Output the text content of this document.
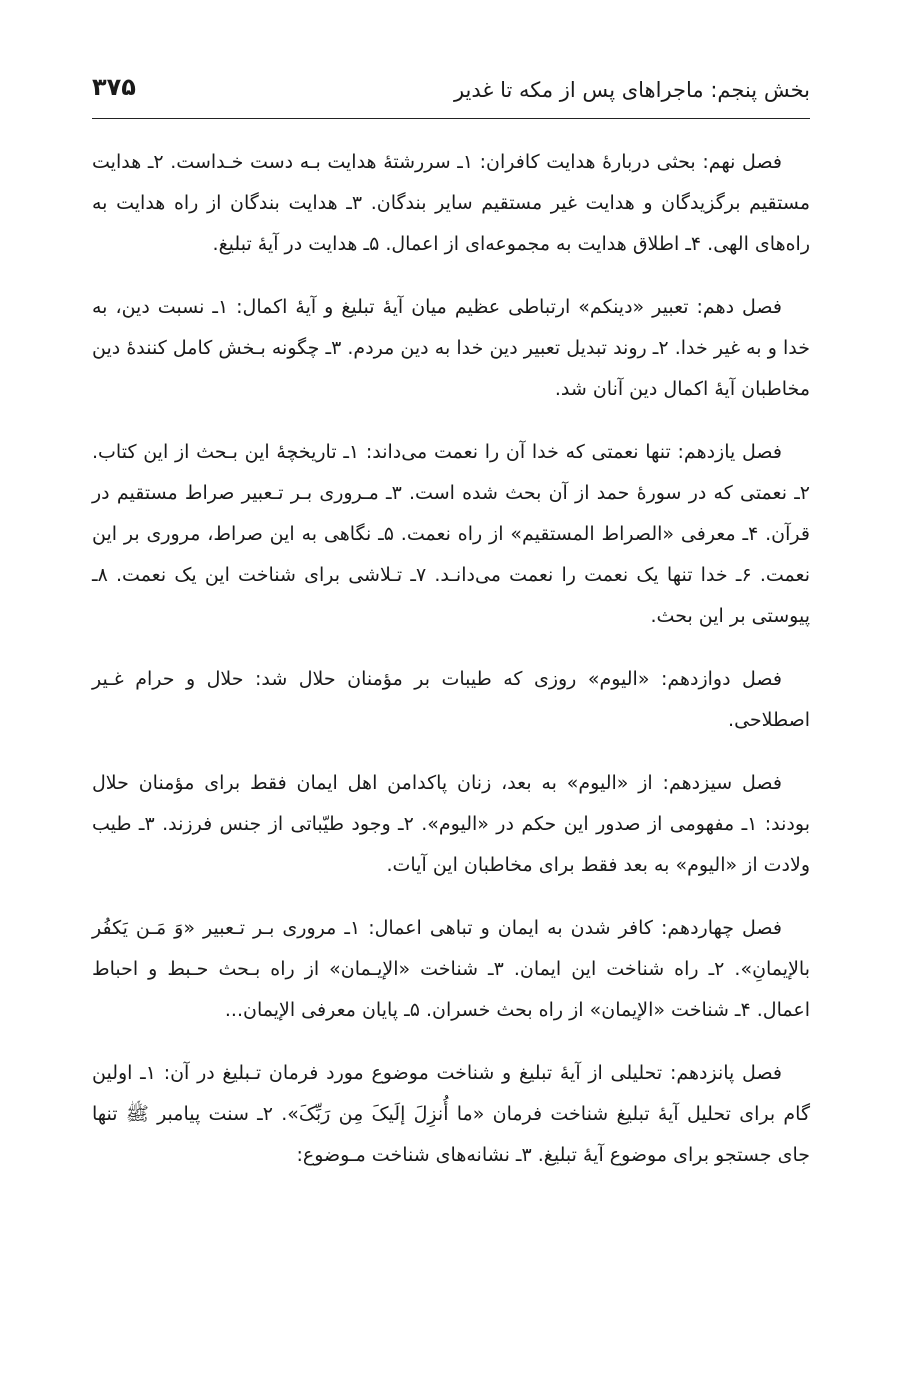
بخش پنجم: ماجراهای پس از مکه تا غدیر
۳۷۵

فصل نهم: بحثی دربارۀ هدایت کافران: ۱ـ سررشتۀ هدایت بـه دست خـداست. ۲ـ هدایت مستقیم برگزیدگان و هدایت غیر مستقیم سایر بندگان. ۳ـ هدایت بندگان از راه هدایت به راه‌های الهی. ۴ـ اطلاق هدایت به مجموعه‌ای از اعمال. ۵ـ هدایت در آیۀ تبلیغ.

فصل دهم: تعبیر «دینکم» ارتباطی عظیم میان آیۀ تبلیغ و آیۀ اکمال: ۱ـ نسبت دین، به خدا و به غیر خدا. ۲ـ روند تبدیل تعبیر دین خدا به دین مردم. ۳ـ چگونه بـخش کامل کنندۀ دین مخاطبان آیۀ اکمال دین آنان شد.

فصل یازدهم: تنها نعمتی که خدا آن را نعمت می‌داند: ۱ـ تاریخچۀ این بـحث از این کتاب. ۲ـ نعمتی که در سورۀ حمد از آن بحث شده است. ۳ـ مـروری بـر تـعبیر صراط مستقیم در قرآن. ۴ـ معرفی «الصراط المستقیم» از راه نعمت. ۵ـ نگاهی به این صراط، مروری بر این نعمت. ۶ـ خدا تنها یک نعمت را نعمت می‌دانـد. ۷ـ تـلاشی برای شناخت این یک نعمت. ۸ـ پیوستی بر این بحث.

فصل دوازدهم: «الیوم» روزی که طیبات بر مؤمنان حلال شد: حلال و حرام غـیر اصطلاحی.

فصل سیزدهم: از «الیوم» به بعد، زنان پاکدامن اهل ایمان فقط برای مؤمنان حلال بودند: ۱ـ مفهومی از صدور این حکم در «الیوم». ۲ـ وجود طیّباتی از جنس فرزند. ۳ـ طیب ولادت از «الیوم» به بعد فقط برای مخاطبان این آیات.

فصل چهاردهم: کافر شدن به ایمان و تباهی اعمال: ۱ـ مروری بـر تـعبیر «وَ مَـن یَکفُر بالإیمانِ». ۲ـ راه شناخت این ایمان. ۳ـ شناخت «الإیـمان» از راه بـحث حـبط و احباط اعمال. ۴ـ شناخت «الإیمان» از راه بحث خسران. ۵ـ پایان معرفی الإیمان...

فصل پانزدهم: تحلیلی از آیۀ تبلیغ و شناخت موضوع مورد فرمان تـبلیغ در آن: ۱ـ اولین گام برای تحلیل آیۀ تبلیغ شناخت فرمان «ما أُنزِلَ إلَیکَ مِن رَبِّکَ». ۲ـ سنت پیامبر ﷺ تنها جای جستجو برای موضوع آیۀ تبلیغ. ۳ـ نشانه‌های شناخت مـوضوع:
